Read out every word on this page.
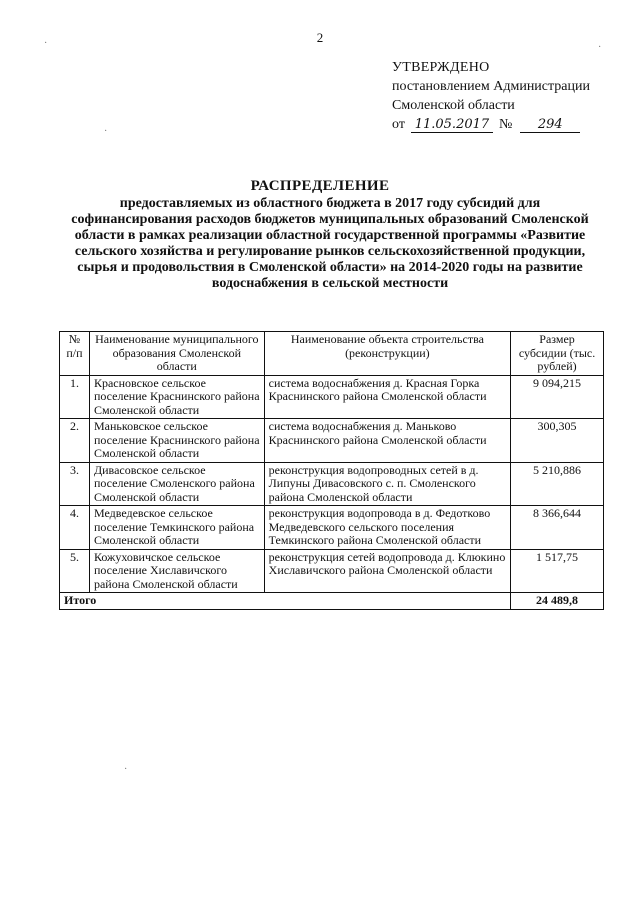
2
УТВЕРЖДЕНО
постановлением Администрации
Смоленской области
от 11.05.2017 №	294
РАСПРЕДЕЛЕНИЕ
предоставляемых из областного бюджета в 2017 году субсидий для софинансирования расходов бюджетов муниципальных образований Смоленской области в рамках реализации областной государственной программы «Развитие сельского хозяйства и регулирование рынков сельскохозяйственной продукции, сырья и продовольствия в Смоленской области» на 2014-2020 годы на развитие водоснабжения в сельской местности
№ п/п	Наименование муниципального образования Смоленской области	Наименование объекта строительства (реконструкции)	Размер субсидии (тыс. рублей)
1.	Красновское сельское поселение Краснинского района Смоленской области	система водоснабжения д. Красная Горка Краснинского района Смоленской области	9 094,215
2.	Маньковское сельское поселение Краснинского района Смоленской области	система водоснабжения д. Маньково Краснинского района Смоленской области	300,305
3.	Дивасовское сельское поселение Смоленского района Смоленской области	реконструкция водопроводных сетей в д. Липуны Дивасовского с. п. Смоленского района Смоленской области	5 210,886
4.	Медведевское сельское поселение Темкинского района Смоленской области	реконструкция водопровода в д. Федотково Медведевского сельского поселения Темкинского района Смоленской области	8 366,644
5.	Кожуховичское сельское поселение Хиславичского района Смоленской области	реконструкция сетей водопровода д. Клюкино Хиславичского района Смоленской области	1 517,75
Итого			24 489,8
·
·
·
·
